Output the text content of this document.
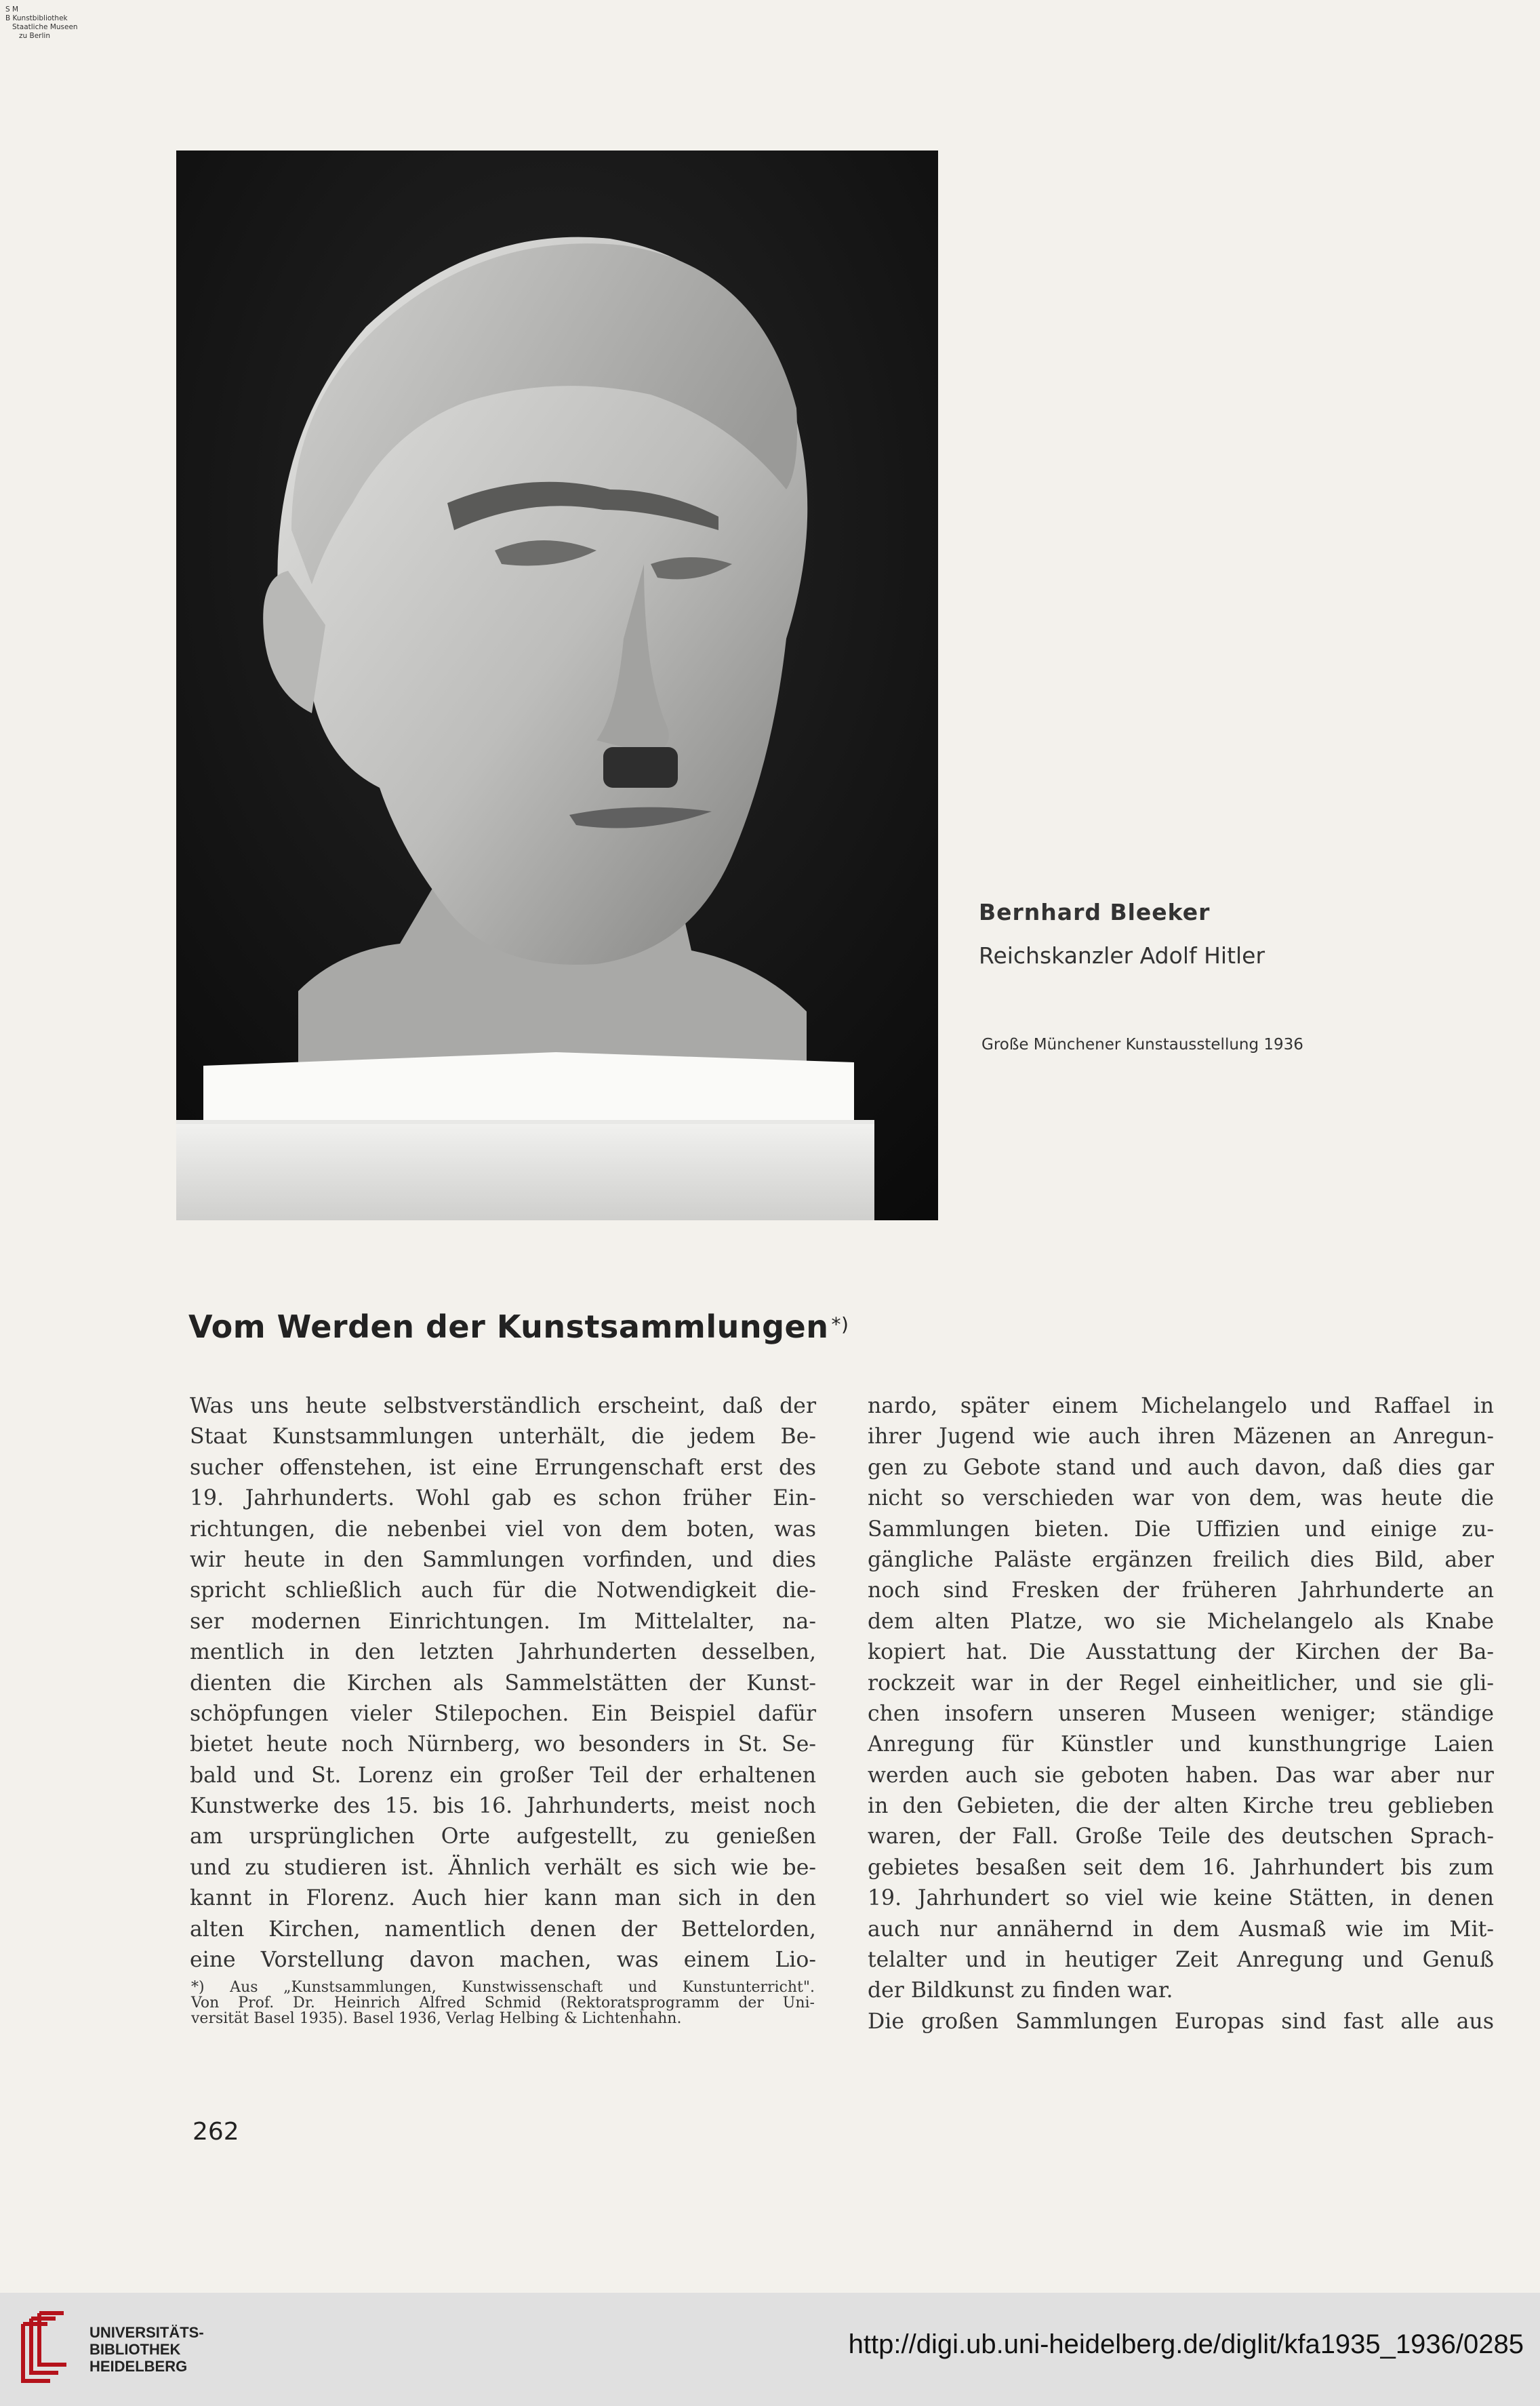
S M
B Kunstbibliothek
Staatliche Museen
zu Berlin
Bernhard Bleeker
Reichskanzler Adolf Hitler
Große Münchener Kunstausstellung 1936
Vom Werden der Kunstsammlungen *)
Was uns heute selbstverständlich erscheint, daß der
Staat Kunstsammlungen unterhält, die jedem Be-
sucher offenstehen, ist eine Errungenschaft erst des
19. Jahrhunderts. Wohl gab es schon früher Ein-
richtungen, die nebenbei viel von dem boten, was
wir heute in den Sammlungen vorfinden, und dies
spricht schließlich auch für die Notwendigkeit die-
ser modernen Einrichtungen. Im Mittelalter, na-
mentlich in den letzten Jahrhunderten desselben,
dienten die Kirchen als Sammelstätten der Kunst-
schöpfungen vieler Stilepochen. Ein Beispiel dafür
bietet heute noch Nürnberg, wo besonders in St. Se-
bald und St. Lorenz ein großer Teil der erhaltenen
Kunstwerke des 15. bis 16. Jahrhunderts, meist noch
am ursprünglichen Orte aufgestellt, zu genießen
und zu studieren ist. Ähnlich verhält es sich wie be-
kannt in Florenz. Auch hier kann man sich in den
alten Kirchen, namentlich denen der Bettelorden,
eine Vorstellung davon machen, was einem Lio-
*) Aus „Kunstsammlungen, Kunstwissenschaft und Kunstunterricht".
Von Prof. Dr. Heinrich Alfred Schmid (Rektoratsprogramm der Uni-
versität Basel 1935). Basel 1936, Verlag Helbing & Lichtenhahn.
nardo, später einem Michelangelo und Raffael in
ihrer Jugend wie auch ihren Mäzenen an Anregun-
gen zu Gebote stand und auch davon, daß dies gar
nicht so verschieden war von dem, was heute die
Sammlungen bieten. Die Uffizien und einige zu-
gängliche Paläste ergänzen freilich dies Bild, aber
noch sind Fresken der früheren Jahrhunderte an
dem alten Platze, wo sie Michelangelo als Knabe
kopiert hat. Die Ausstattung der Kirchen der Ba-
rockzeit war in der Regel einheitlicher, und sie gli-
chen insofern unseren Museen weniger; ständige
Anregung für Künstler und kunsthungrige Laien
werden auch sie geboten haben. Das war aber nur
in den Gebieten, die der alten Kirche treu geblieben
waren, der Fall. Große Teile des deutschen Sprach-
gebietes besaßen seit dem 16. Jahrhundert bis zum
19. Jahrhundert so viel wie keine Stätten, in denen
auch nur annähernd in dem Ausmaß wie im Mit-
telalter und in heutiger Zeit Anregung und Genuß
der Bildkunst zu finden war.
Die großen Sammlungen Europas sind fast alle aus
262
UNIVERSITÄTS-
BIBLIOTHEK
HEIDELBERG
http://digi.ub.uni-heidelberg.de/diglit/kfa1935_1936/0285
